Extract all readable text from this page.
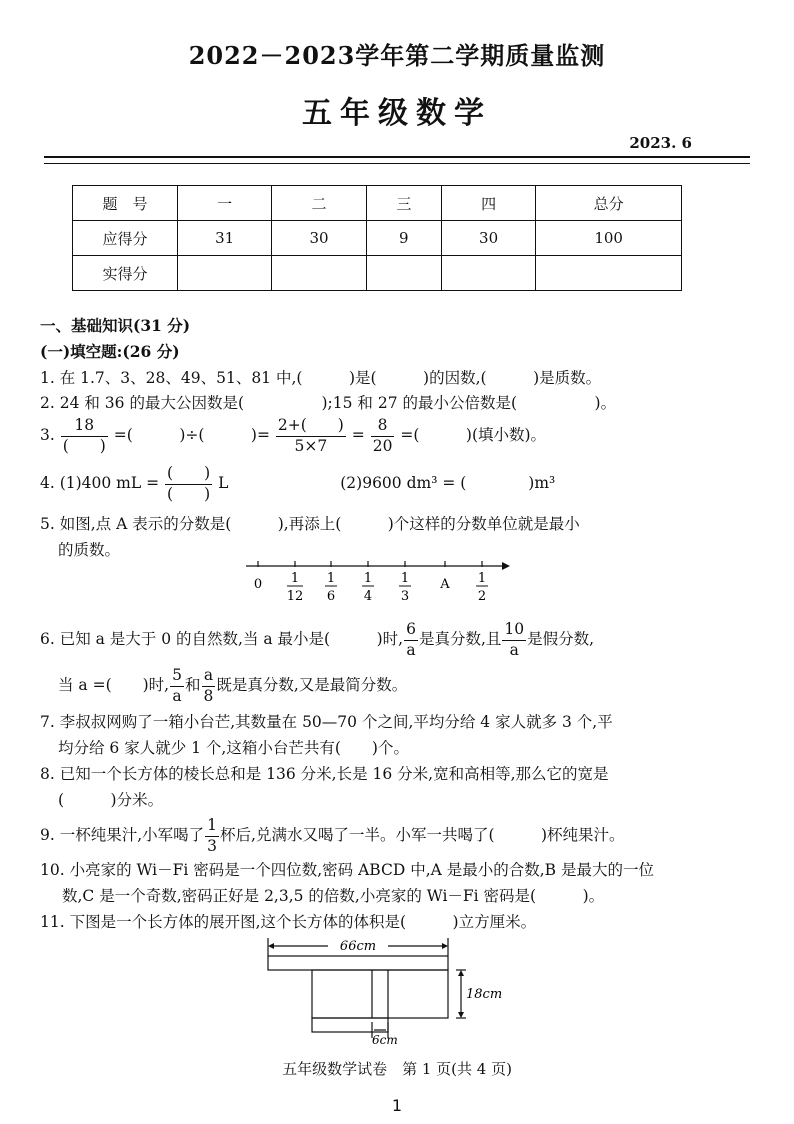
2022－2023学年第二学期质量监测
五年级数学
2023. 6
题　号	一	二	三	四	总分
应得分	31	30	9	30	100
实得分					
一、基础知识(31 分)
(一)填空题:(26 分)
1. 在 1.7、3、28、49、51、81 中,(　　　)是(　　　)的因数,(　　　)是质数。
2. 24 和 36 的最大公因数是(　　　　　);15 和 27 的最小公倍数是(　　　　　)。
3. $\frac{18}{( )}$ =(　　　)÷(　　　)= $\frac{2+( )}{5\times 7} = \frac{8}{20}$ =(　　　)(填小数)。
4. (1)400 mL = $\frac{( )}{( )}$ L	(2)9600 dm³ = (　　　　)m³
5. 如图,点 A 表示的分数是(　　　),再添上(　　　)个这样的分数单位就是最小
的质数。
0 1
12
1
6
1
4
1
3
A 1
2
6. 已知 a 是大于 0 的自然数,当 a 最小是(　　　)时, $\frac{6}{a}$ 是真分数,且 $\frac{10}{a}$ 是假分数,
当 a =(　　)时, $\frac{5}{a}$ 和 $\frac{a}{8}$ 既是真分数,又是最简分数。
7. 李叔叔网购了一箱小台芒,其数量在 50—70 个之间,平均分给 4 家人就多 3 个,平
均分给 6 家人就少 1 个,这箱小台芒共有(　　)个。
8. 已知一个长方体的棱长总和是 136 分米,长是 16 分米,宽和高相等,那么它的宽是
(　　　)分米。
9. 一杯纯果汁,小军喝了 $\frac{1}{3}$ 杯后,兑满水又喝了一半。小军一共喝了(　　　)杯纯果汁。
10. 小亮家的 Wi－Fi 密码是一个四位数,密码 ABCD 中,A 是最小的合数,B 是最大的一位
数,C 是一个奇数,密码正好是 2,3,5 的倍数,小亮家的 Wi－Fi 密码是(　　　)。
11. 下图是一个长方体的展开图,这个长方体的体积是(　　　)立方厘米。
66cm
18cm
6cm
五年级数学试卷　第 1 页(共 4 页)
1
